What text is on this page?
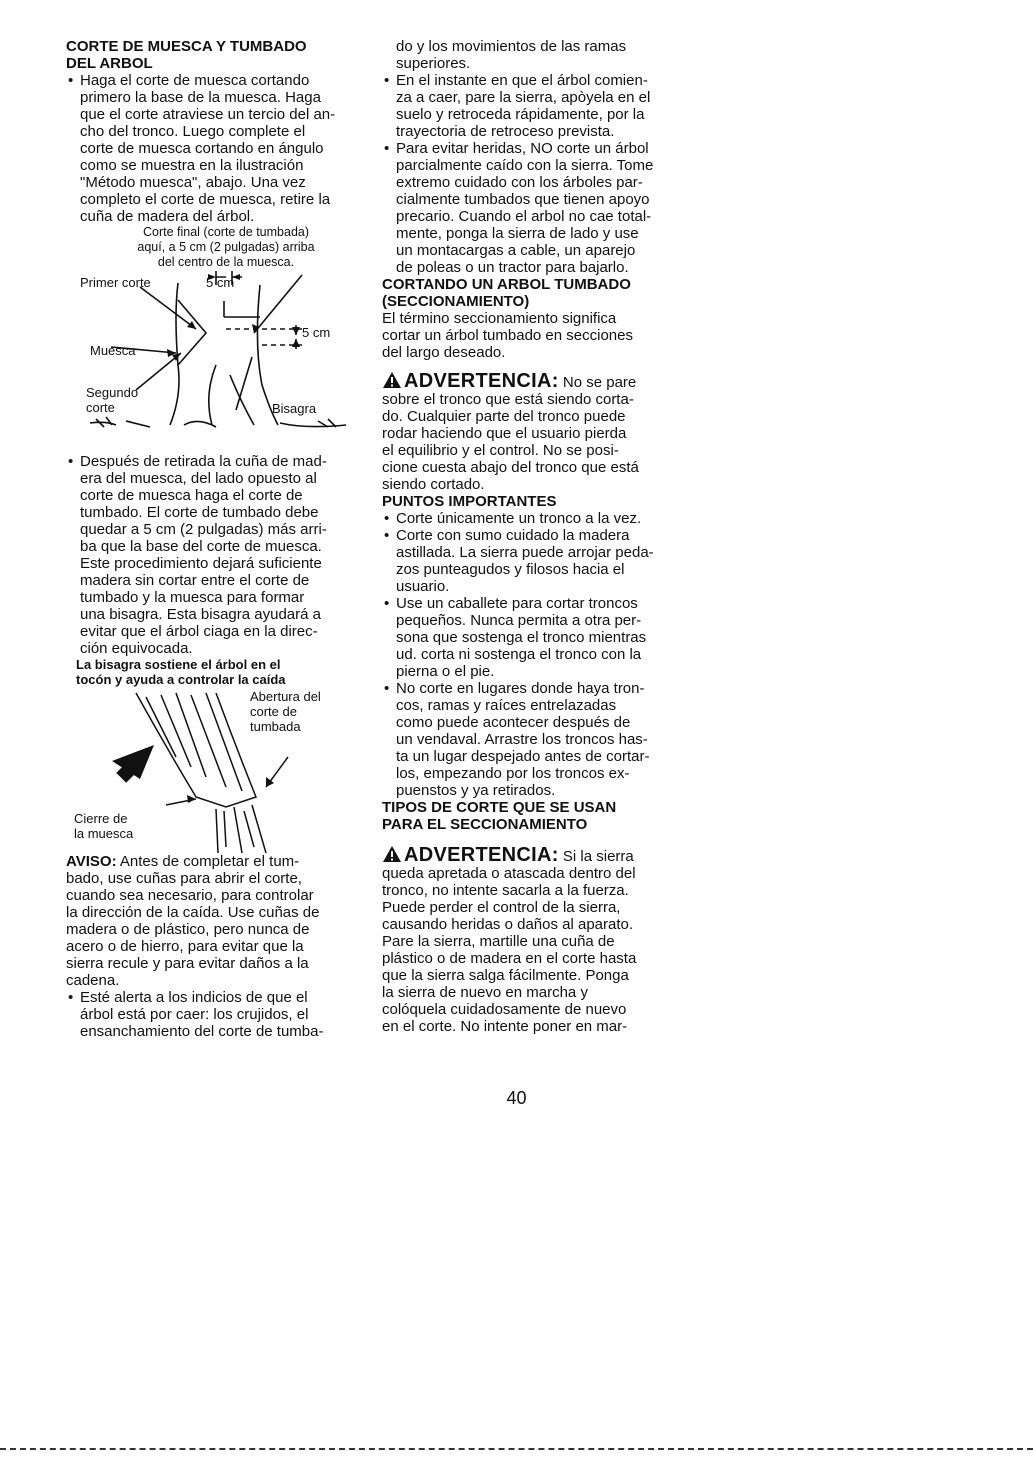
CORTE DE MUESCA Y TUMBADO
DEL ARBOL
• Haga el corte de muesca cortando
primero la base de la muesca. Haga
que el corte atraviese un tercio del an-
cho del tronco. Luego complete el
corte de muesca cortando en ángulo
como se muestra en la ilustración
"Método muesca", abajo. Una vez
completo el corte de muesca, retire la
cuña de madera del árbol.
Corte final (corte de tumbada)
aquí, a 5 cm (2 pulgadas) arriba
del centro de la muesca.
Primer corte	5 cm
5 cm
Muesca
Segundo
corte	Bisagra
• Después de retirada la cuña de mad-
era del muesca, del lado opuesto al
corte de muesca haga el corte de
tumbado. El corte de tumbado debe
quedar a 5 cm (2 pulgadas) más arri-
ba que la base del corte de muesca.
Este procedimiento dejará suficiente
madera sin cortar entre el corte de
tumbado y la muesca para formar
una bisagra. Esta bisagra ayudará a
evitar que el árbol ciaga en la direc-
ción equivocada.
La bisagra sostiene el árbol en el
tocón y ayuda a controlar la caída
Abertura del
corte de
tumbada
Cierre de
la muesca
AVISO: Antes de completar el tum-
bado, use cuñas para abrir el corte,
cuando sea necesario, para controlar
la dirección de la caída. Use cuñas de
madera o de plástico, pero nunca de
acero o de hierro, para evitar que la
sierra recule y para evitar daños a la
cadena.
• Esté alerta a los indicios de que el
árbol está por caer: los crujidos, el
ensanchamiento del corte de tumba-
do y los movimientos de las ramas
superiores.
• En el instante en que el árbol comien-
za a caer, pare la sierra, apòyela en el
suelo y retroceda rápidamente, por la
trayectoria de retroceso prevista.
• Para evitar heridas, NO corte un árbol
parcialmente caído con la sierra. Tome
extremo cuidado con los árboles par-
cialmente tumbados que tienen apoyo
precario. Cuando el arbol no cae total-
mente, ponga la sierra de lado y use
un montacargas a cable, un aparejo
de poleas o un tractor para bajarlo.
CORTANDO UN ARBOL TUMBADO
(SECCIONAMIENTO)
El término seccionamiento significa
cortar un árbol tumbado en secciones
del largo deseado.
ADVERTENCIA: No se pare
sobre el tronco que está siendo corta-
do. Cualquier parte del tronco puede
rodar haciendo que el usuario pierda
el equilibrio y el control. No se posi-
cione cuesta abajo del tronco que está
siendo cortado.
PUNTOS IMPORTANTES
• Corte únicamente un tronco a la vez.
• Corte con sumo cuidado la madera
astillada. La sierra puede arrojar peda-
zos punteagudos y filosos hacia el
usuario.
• Use un caballete para cortar troncos
pequeños. Nunca permita a otra per-
sona que sostenga el tronco mientras
ud. corta ni sostenga el tronco con la
pierna o el pie.
• No corte en lugares donde haya tron-
cos, ramas y raíces entrelazadas
como puede acontecer después de
un vendaval. Arrastre los troncos has-
ta un lugar despejado antes de cortar-
los, empezando por los troncos ex-
puenstos y ya retirados.
TIPOS DE CORTE QUE SE USAN
PARA EL SECCIONAMIENTO
ADVERTENCIA: Si la sierra
queda apretada o atascada dentro del
tronco, no intente sacarla a la fuerza.
Puede perder el control de la sierra,
causando heridas o daños al aparato.
Pare la sierra, martille una cuña de
plástico o de madera en el corte hasta
que la sierra salga fácilmente. Ponga
la sierra de nuevo en marcha y
colóquela cuidadosamente de nuevo
en el corte. No intente poner en mar-
40
